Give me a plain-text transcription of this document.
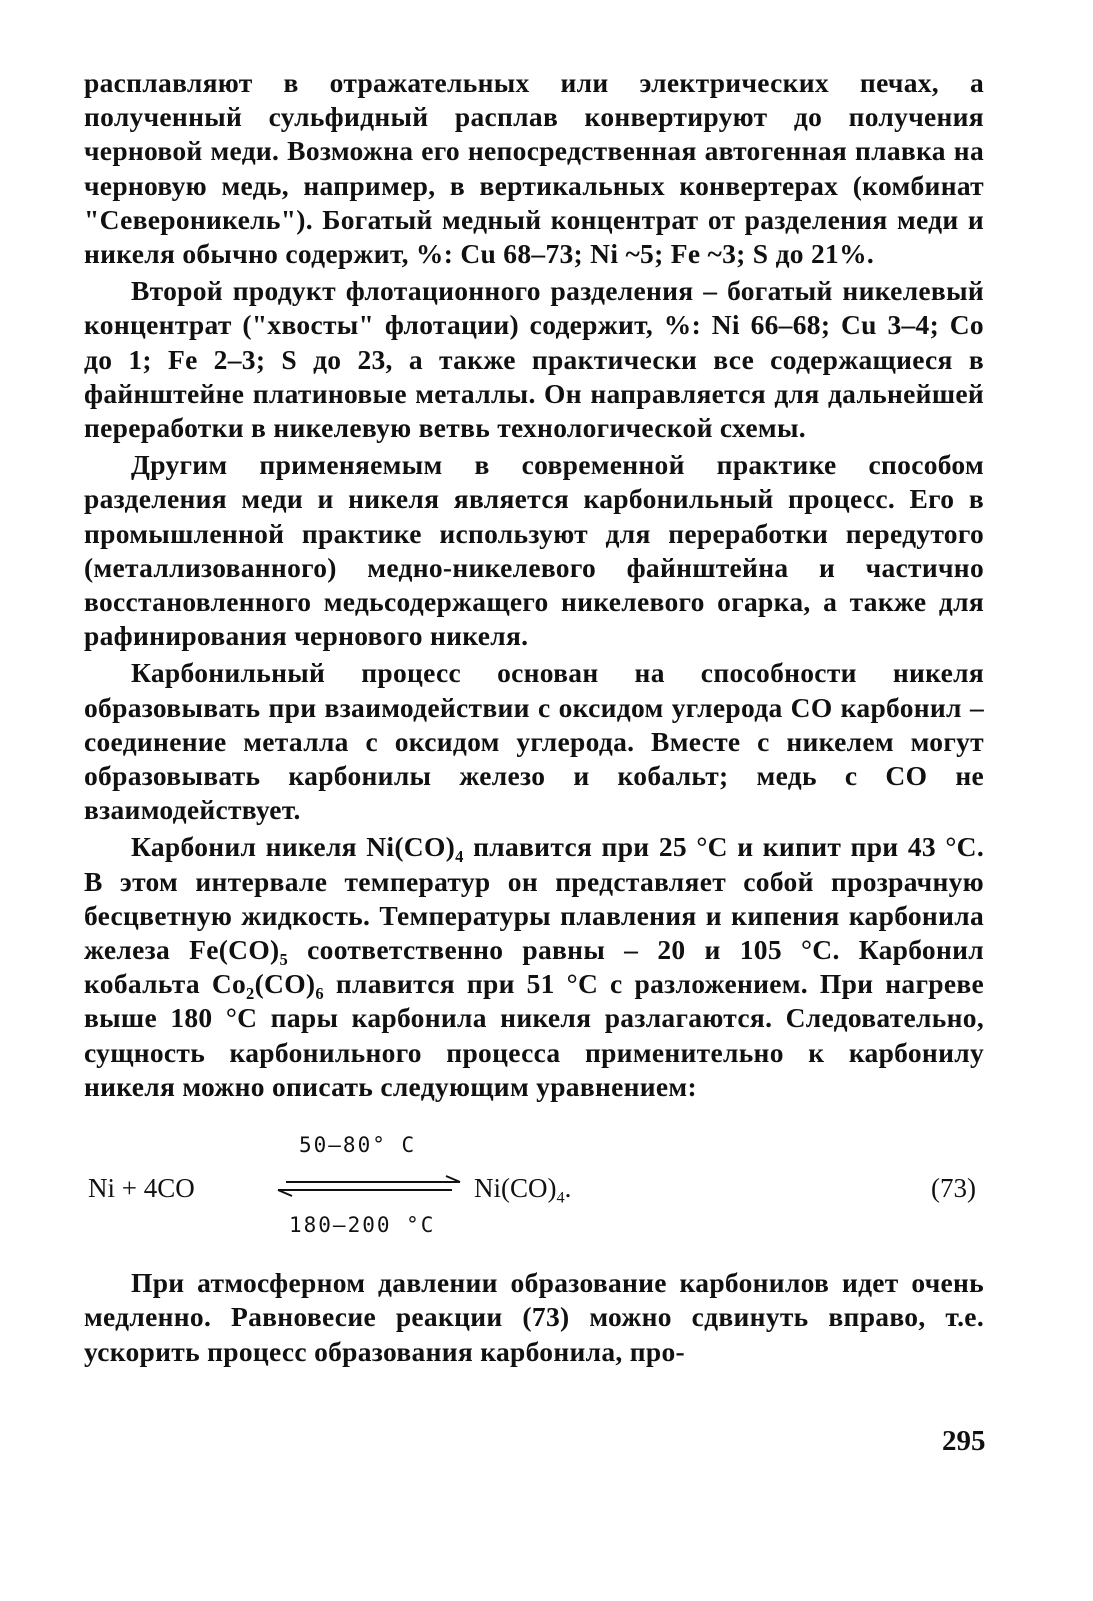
расплавляют в отражательных или электрических печах, а полученный сульфидный расплав конвертируют до получения черновой меди. Возможна его непосредственная автогенная плавка на черновую медь, например, в вертикальных конвертерах (комбинат "Североникель"). Богатый медный концентрат от разделения меди и никеля обычно содержит, %: Cu 68–73; Ni ~5; Fe ~3; S до 21%.

Второй продукт флотационного разделения – богатый никелевый концентрат ("хвосты" флотации) содержит, %: Ni 66–68; Cu 3–4; Co до 1; Fe 2–3; S до 23, а также практически все содержащиеся в файнштейне платиновые металлы. Он направляется для дальнейшей переработки в никелевую ветвь технологической схемы.

Другим применяемым в современной практике способом разделения меди и никеля является карбонильный процесс. Его в промышленной практике используют для переработки передутого (металлизованного) медно-никелевого файнштейна и частично восстановленного медьсодержащего никелевого огарка, а также для рафинирования чернового никеля.

Карбонильный процесс основан на способности никеля образовывать при взаимодействии с оксидом углерода СО карбонил – соединение металла с оксидом углерода. Вместе с никелем могут образовывать карбонилы железо и кобальт; медь с СО не взаимодействует.

Карбонил никеля $Ni(CO)_4$ плавится при 25 °С и кипит при 43 °С. В этом интервале температур он представляет собой прозрачную бесцветную жидкость. Температуры плавления и кипения карбонила железа $Fe(CO)_5$ соответственно равны – 20 и 105 °С. Карбонил кобальта $Co_2(CO)_6$ плавится при 51 °С с разложением. При нагреве выше 180 °С пары карбонила никеля разлагаются. Следовательно, сущность карбонильного процесса применительно к карбонилу никеля можно описать следующим уравнением:

Ni + 4CO
50–80° C
180–200 °C
$Ni(CO)_4$.	(73)

При атмосферном давлении образование карбонилов идет очень медленно. Равновесие реакции (73) можно сдвинуть вправо, т.е. ускорить процесс образования карбонила, про-

295
